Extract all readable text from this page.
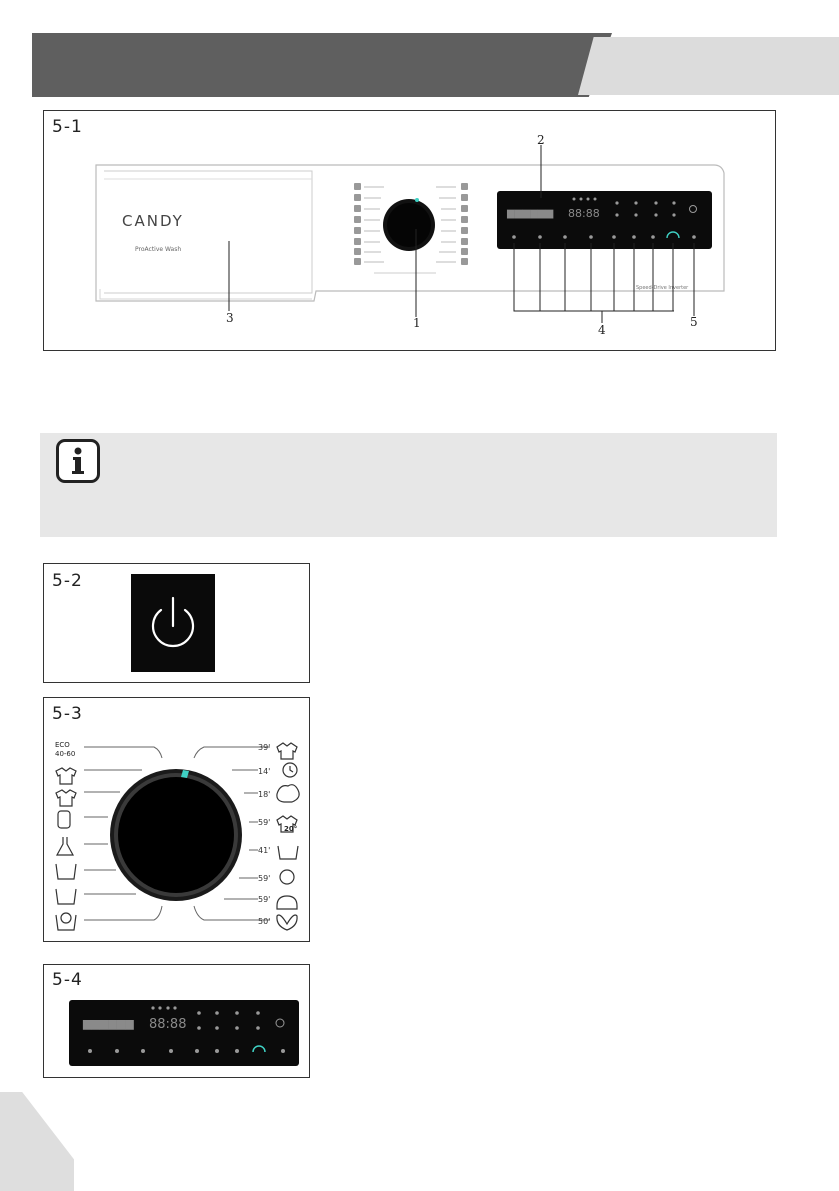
5-1
▆▆▆▆▆▆ 88:88
Speed-Drive Inverter
CANDY
ProActive Wash
1
2
3
4
5
5-2
5-3
ECO
40-60
39'
14'
18'
59'
41'
59'
59'
50'
20°
5-4
▆▆▆▆▆▆ 88:88
